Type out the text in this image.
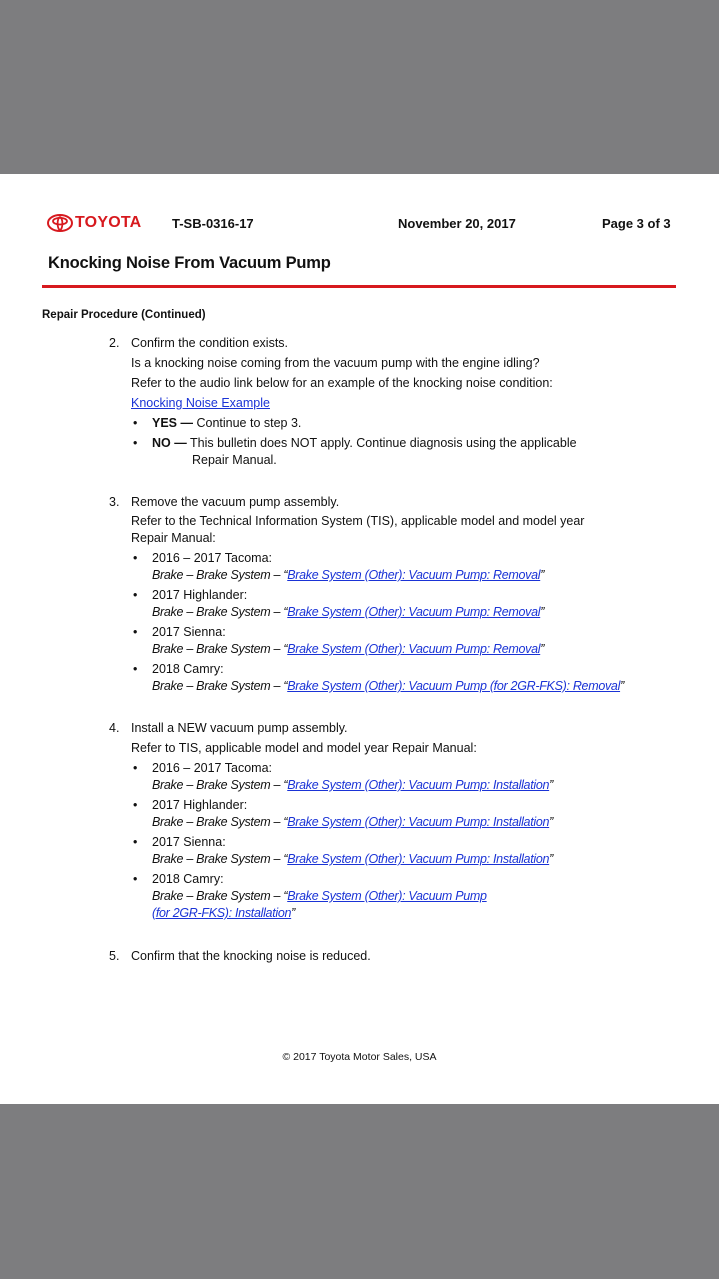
TOYOTA T-SB-0316-17	November 20, 2017	Page 3 of 3
Knocking Noise From Vacuum Pump
Repair Procedure (Continued)
2. Confirm the condition exists.
Is a knocking noise coming from the vacuum pump with the engine idling?
Refer to the audio link below for an example of the knocking noise condition:
Knocking Noise Example
• YES — Continue to step 3.
• NO — This bulletin does NOT apply. Continue diagnosis using the applicable
Repair Manual.
3. Remove the vacuum pump assembly.
Refer to the Technical Information System (TIS), applicable model and model year
Repair Manual:
• 2016 – 2017 Tacoma:
Brake – Brake System – “Brake System (Other): Vacuum Pump: Removal”
• 2017 Highlander:
Brake – Brake System – “Brake System (Other): Vacuum Pump: Removal”
• 2017 Sienna:
Brake – Brake System – “Brake System (Other): Vacuum Pump: Removal”
• 2018 Camry:
Brake – Brake System – “Brake System (Other): Vacuum Pump (for 2GR-FKS): Removal”
4. Install a NEW vacuum pump assembly.
Refer to TIS, applicable model and model year Repair Manual:
• 2016 – 2017 Tacoma:
Brake – Brake System – “Brake System (Other): Vacuum Pump: Installation”
• 2017 Highlander:
Brake – Brake System – “Brake System (Other): Vacuum Pump: Installation”
• 2017 Sienna:
Brake – Brake System – “Brake System (Other): Vacuum Pump: Installation”
• 2018 Camry:
Brake – Brake System – “Brake System (Other): Vacuum Pump
(for 2GR-FKS): Installation”
5. Confirm that the knocking noise is reduced.
© 2017 Toyota Motor Sales, USA
